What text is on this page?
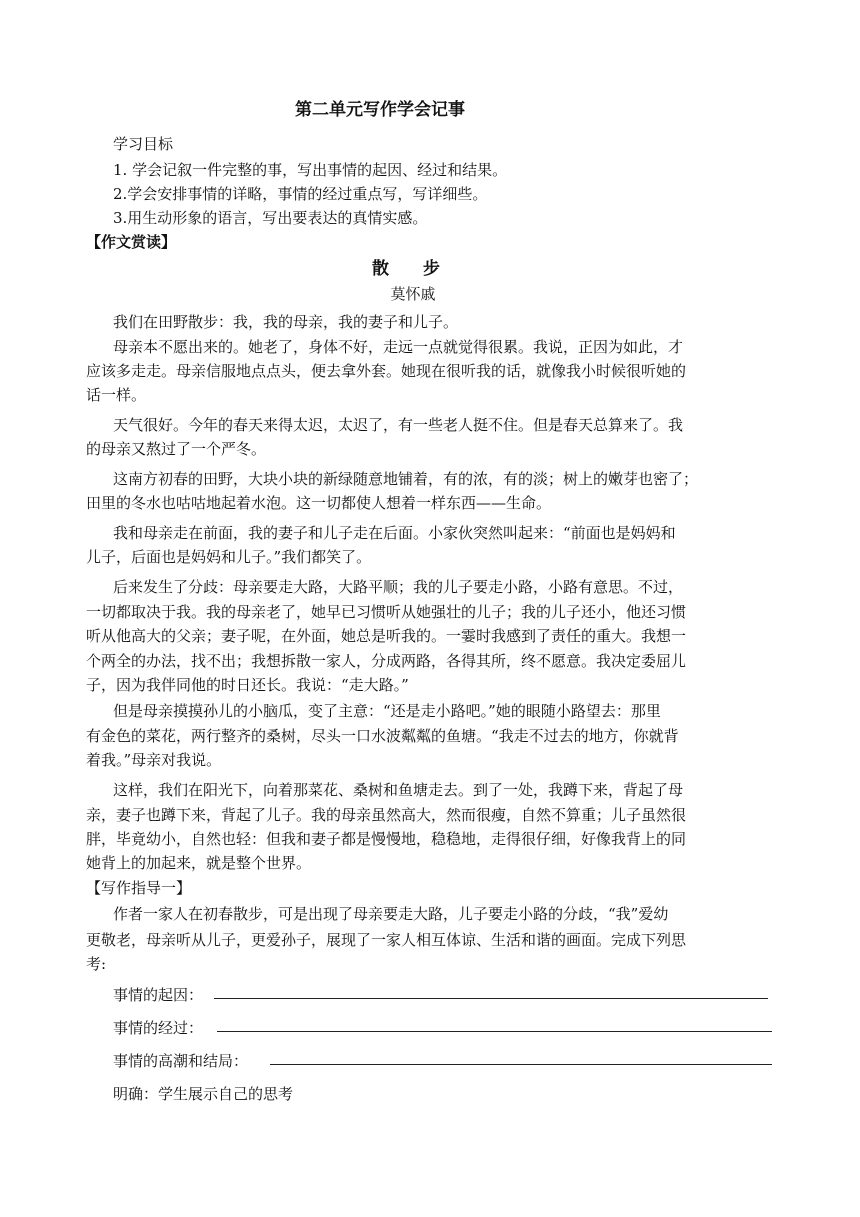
第二单元写作学会记事
学习目标
1. 学会记叙一件完整的事，写出事情的起因、经过和结果。
2.学会安排事情的详略，事情的经过重点写，写详细些。
3.用生动形象的语言，写出要表达的真情实感。
【作文赏读】
散 步
莫怀戚
我们在田野散步：我，我的母亲，我的妻子和儿子。
母亲本不愿出来的。她老了，身体不好，走远一点就觉得很累。我说，正因为如此，才
应该多走走。母亲信服地点点头，便去拿外套。她现在很听我的话，就像我小时候很听她的
话一样。
天气很好。今年的春天来得太迟，太迟了，有一些老人挺不住。但是春天总算来了。我
的母亲又熬过了一个严冬。
这南方初春的田野，大块小块的新绿随意地铺着，有的浓，有的淡；树上的嫩芽也密了；
田里的冬水也咕咕地起着水泡。这一切都使人想着一样东西——生命。
我和母亲走在前面，我的妻子和儿子走在后面。小家伙突然叫起来：“前面也是妈妈和
儿子，后面也是妈妈和儿子。”我们都笑了。
后来发生了分歧：母亲要走大路，大路平顺；我的儿子要走小路，小路有意思。不过，
一切都取决于我。我的母亲老了，她早已习惯听从她强壮的儿子；我的儿子还小，他还习惯
听从他高大的父亲；妻子呢，在外面，她总是听我的。一霎时我感到了责任的重大。我想一
个两全的办法，找不出；我想拆散一家人，分成两路，各得其所，终不愿意。我决定委屈儿
子，因为我伴同他的时日还长。我说：“走大路。”
但是母亲摸摸孙儿的小脑瓜，变了主意：“还是走小路吧。”她的眼随小路望去：那里
有金色的菜花，两行整齐的桑树，尽头一口水波粼粼的鱼塘。“我走不过去的地方，你就背
着我。”母亲对我说。
这样，我们在阳光下，向着那菜花、桑树和鱼塘走去。到了一处，我蹲下来，背起了母
亲，妻子也蹲下来，背起了儿子。我的母亲虽然高大，然而很瘦，自然不算重；儿子虽然很
胖，毕竟幼小，自然也轻：但我和妻子都是慢慢地，稳稳地，走得很仔细，好像我背上的同
她背上的加起来，就是整个世界。
【写作指导一】
作者一家人在初春散步，可是出现了母亲要走大路，儿子要走小路的分歧，“我”爱幼
更敬老，母亲听从儿子，更爱孙子，展现了一家人相互体谅、生活和谐的画面。完成下列思
考:
事情的起因：
事情的经过：
事情的高潮和结局：
明确：学生展示自己的思考
